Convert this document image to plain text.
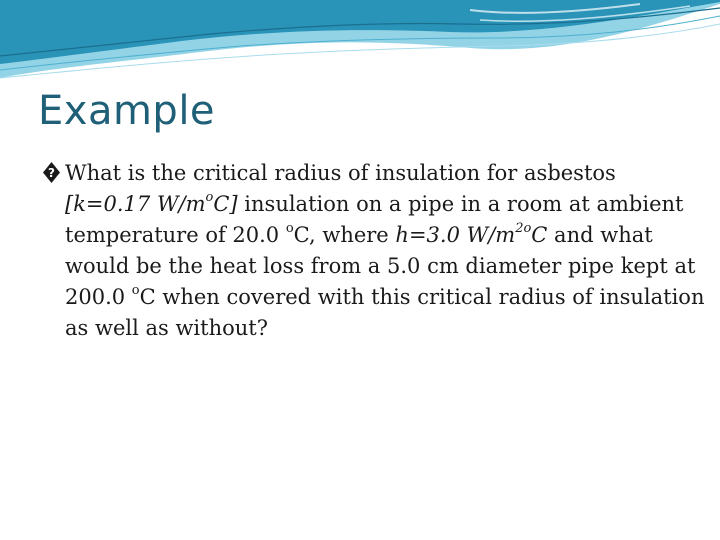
Example
? What is the critical radius of insulation for asbestos [k=0.17 $W/m^oC$] insulation on a pipe in a room at ambient temperature of 20.0 $^o$C, where h=3.0 $W/m^{2o}C$ and what would be the heat loss from a 5.0 cm diameter pipe kept at 200.0 $^o$C when covered with this critical radius of insulation as well as without?
